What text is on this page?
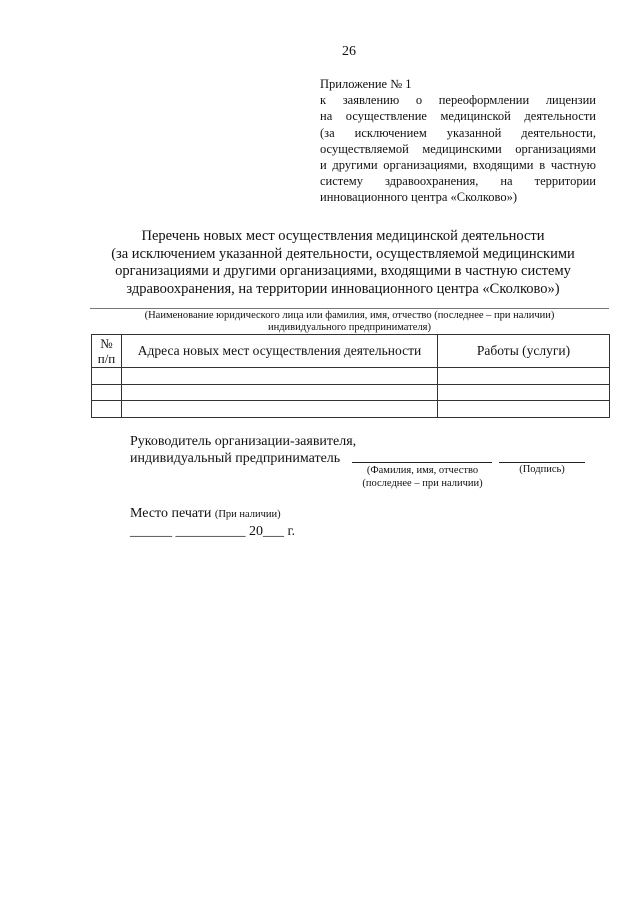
26
Приложение № 1
к заявлению о переоформлении лицензии
на осуществление медицинской деятельности
(за исключением указанной деятельности,
осуществляемой медицинскими организациями
и другими организациями, входящими в частную
систему здравоохранения, на территории
инновационного центра «Сколково»)
Перечень новых мест осуществления медицинской деятельности
(за исключением указанной деятельности, осуществляемой медицинскими
организациями и другими организациями, входящими в частную систему
здравоохранения, на территории инновационного центра «Сколково»)
(Наименование юридического лица или фамилия, имя, отчество (последнее – при наличии)
индивидуального предпринимателя)
№
п/п	Адреса новых мест осуществления деятельности	Работы (услуги)

Руководитель организации-заявителя,
индивидуальный предприниматель
(Фамилия, имя, отчество
(последнее – при наличии)
(Подпись)
Место печати (При наличии)
______ __________ 20___ г.
